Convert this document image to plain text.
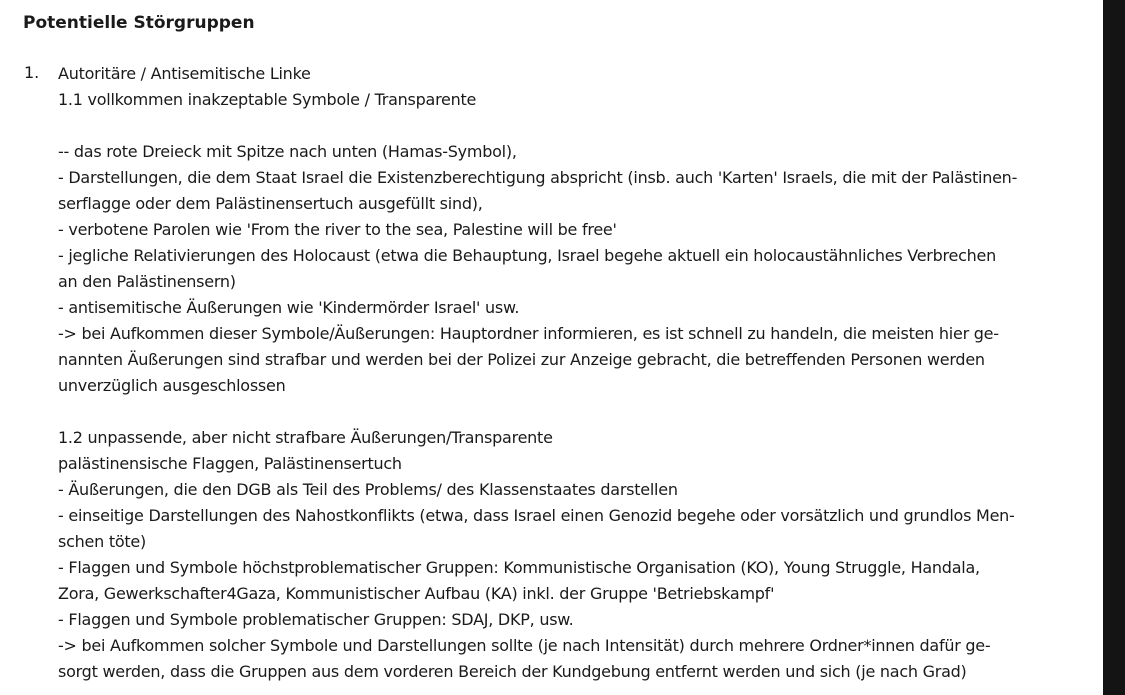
Potentielle Störgruppen
1. Autoritäre / Antisemitische Linke
1.1 vollkommen inakzeptable Symbole / Transparente
-- das rote Dreieck mit Spitze nach unten (Hamas-Symbol),
- Darstellungen, die dem Staat Israel die Existenzberechtigung abspricht (insb. auch 'Karten' Israels, die mit der Palästinen-
serflagge oder dem Palästinensertuch ausgefüllt sind),
- verbotene Parolen wie 'From the river to the sea, Palestine will be free'
- jegliche Relativierungen des Holocaust (etwa die Behauptung, Israel begehe aktuell ein holocaustähnliches Verbrechen
an den Palästinensern)
- antisemitische Äußerungen wie 'Kindermörder Israel' usw.
-> bei Aufkommen dieser Symbole/Äußerungen: Hauptordner informieren, es ist schnell zu handeln, die meisten hier ge-
nannten Äußerungen sind strafbar und werden bei der Polizei zur Anzeige gebracht, die betreffenden Personen werden
unverzüglich ausgeschlossen
1.2 unpassende, aber nicht strafbare Äußerungen/Transparente
palästinensische Flaggen, Palästinensertuch
- Äußerungen, die den DGB als Teil des Problems/ des Klassenstaates darstellen
- einseitige Darstellungen des Nahostkonflikts (etwa, dass Israel einen Genozid begehe oder vorsätzlich und grundlos Men-
schen töte)
- Flaggen und Symbole höchstproblematischer Gruppen: Kommunistische Organisation (KO), Young Struggle, Handala,
Zora, Gewerkschafter4Gaza, Kommunistischer Aufbau (KA) inkl. der Gruppe 'Betriebskampf'
- Flaggen und Symbole problematischer Gruppen: SDAJ, DKP, usw.
-> bei Aufkommen solcher Symbole und Darstellungen sollte (je nach Intensität) durch mehrere Ordner*innen dafür ge-
sorgt werden, dass die Gruppen aus dem vorderen Bereich der Kundgebung entfernt werden und sich (je nach Grad)
